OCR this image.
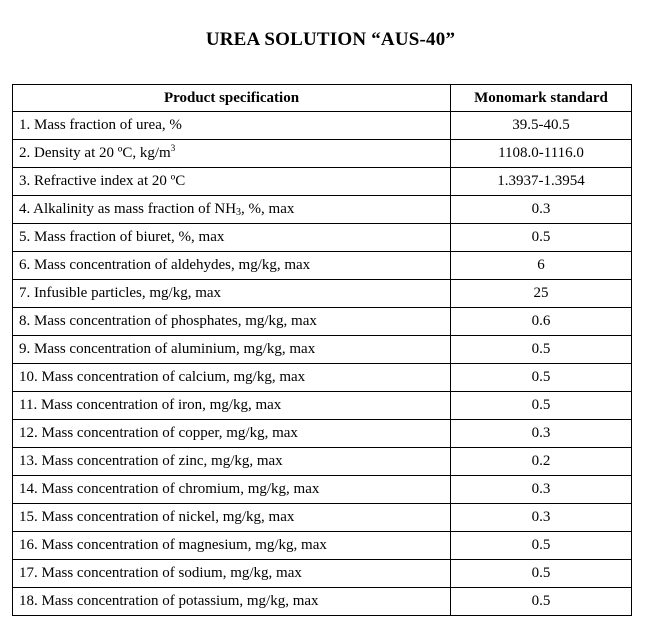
UREA SOLUTION “AUS-40”
Product specification	Monomark standard
1. Mass fraction of urea, %	39.5-40.5
2. Density at 20 ºC, $kg/m^3$	1108.0-1116.0
3. Refractive index at 20 ºC	1.3937-1.3954
4. Alkalinity as mass fraction of $NH_3$, %, max	0.3
5. Mass fraction of biuret, %, max	0.5
6. Mass concentration of aldehydes, mg/kg, max	6
7. Infusible particles, mg/kg, max	25
8. Mass concentration of phosphates, mg/kg, max	0.6
9. Mass concentration of aluminium, mg/kg, max	0.5
10. Mass concentration of calcium, mg/kg, max	0.5
11. Mass concentration of iron, mg/kg, max	0.5
12. Mass concentration of copper, mg/kg, max	0.3
13. Mass concentration of zinc, mg/kg, max	0.2
14. Mass concentration of chromium, mg/kg, max	0.3
15. Mass concentration of nickel, mg/kg, max	0.3
16. Mass concentration of magnesium, mg/kg, max	0.5
17. Mass concentration of sodium, mg/kg, max	0.5
18. Mass concentration of potassium, mg/kg, max	0.5
